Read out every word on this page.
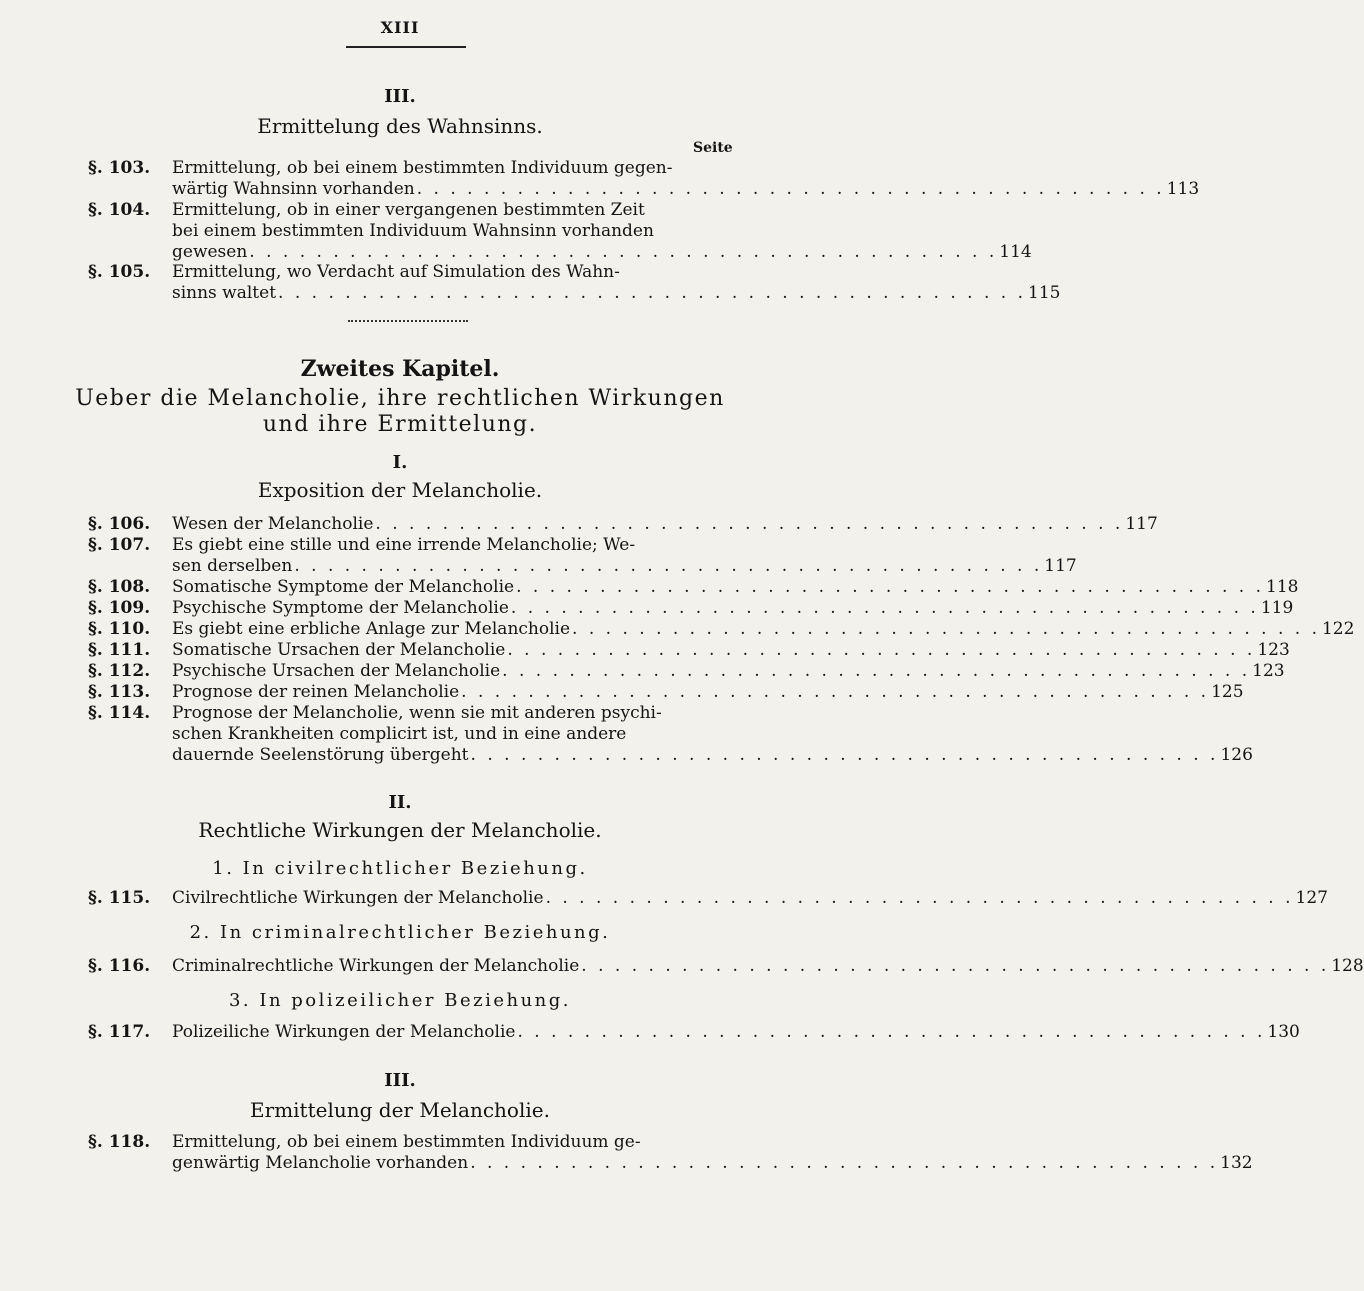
XIII
III.
Ermittelung des Wahnsinns.
Seite
§. 103.	Ermittelung, ob bei einem bestimmten Individuum gegen-
wärtig Wahnsinn vorhanden . . . . . . . . . . . . . . . . . . . . . . . . . . . . . . . . . . . . . . . . . . . . . 113
§. 104.	Ermittelung, ob in einer vergangenen bestimmten Zeit
bei einem bestimmten Individuum Wahnsinn vorhanden
gewesen . . . . . . . . . . . . . . . . . . . . . . . . . . . . . . . . . . . . . . . . . . . . . 114
§. 105.	Ermittelung, wo Verdacht auf Simulation des Wahn-
sinns waltet . . . . . . . . . . . . . . . . . . . . . . . . . . . . . . . . . . . . . . . . . . . . . 115
Zweites Kapitel.
Ueber die Melancholie, ihre rechtlichen Wirkungen
und ihre Ermittelung.
I.
Exposition der Melancholie.
§. 106.	Wesen der Melancholie . . . . . . . . . . . . . . . . . . . . . . . . . . . . . . . . . . . . . . . . . . . . . 117
§. 107.	Es giebt eine stille und eine irrende Melancholie; We-
sen derselben . . . . . . . . . . . . . . . . . . . . . . . . . . . . . . . . . . . . . . . . . . . . . 117
§. 108.	Somatische Symptome der Melancholie . . . . . . . . . . . . . . . . . . . . . . . . . . . . . . . . . . . . . . . . . . . . . 118
§. 109.	Psychische Symptome der Melancholie . . . . . . . . . . . . . . . . . . . . . . . . . . . . . . . . . . . . . . . . . . . . . 119
§. 110.	Es giebt eine erbliche Anlage zur Melancholie . . . . . . . . . . . . . . . . . . . . . . . . . . . . . . . . . . . . . . . . . . . . . 122
§. 111.	Somatische Ursachen der Melancholie . . . . . . . . . . . . . . . . . . . . . . . . . . . . . . . . . . . . . . . . . . . . . 123
§. 112.	Psychische Ursachen der Melancholie . . . . . . . . . . . . . . . . . . . . . . . . . . . . . . . . . . . . . . . . . . . . . 123
§. 113.	Prognose der reinen Melancholie . . . . . . . . . . . . . . . . . . . . . . . . . . . . . . . . . . . . . . . . . . . . . 125
§. 114.	Prognose der Melancholie, wenn sie mit anderen psychi-
schen Krankheiten complicirt ist, und in eine andere
dauernde Seelenstörung übergeht . . . . . . . . . . . . . . . . . . . . . . . . . . . . . . . . . . . . . . . . . . . . . 126
II.
Rechtliche Wirkungen der Melancholie.
1. In civilrechtlicher Beziehung.
§. 115.	Civilrechtliche Wirkungen der Melancholie . . . . . . . . . . . . . . . . . . . . . . . . . . . . . . . . . . . . . . . . . . . . . 127
2. In criminalrechtlicher Beziehung.
§. 116.	Criminalrechtliche Wirkungen der Melancholie . . . . . . . . . . . . . . . . . . . . . . . . . . . . . . . . . . . . . . . . . . . . . 128
3. In polizeilicher Beziehung.
§. 117.	Polizeiliche Wirkungen der Melancholie . . . . . . . . . . . . . . . . . . . . . . . . . . . . . . . . . . . . . . . . . . . . . 130
III.
Ermittelung der Melancholie.
§. 118.	Ermittelung, ob bei einem bestimmten Individuum ge-
genwärtig Melancholie vorhanden . . . . . . . . . . . . . . . . . . . . . . . . . . . . . . . . . . . . . . . . . . . . . 132
